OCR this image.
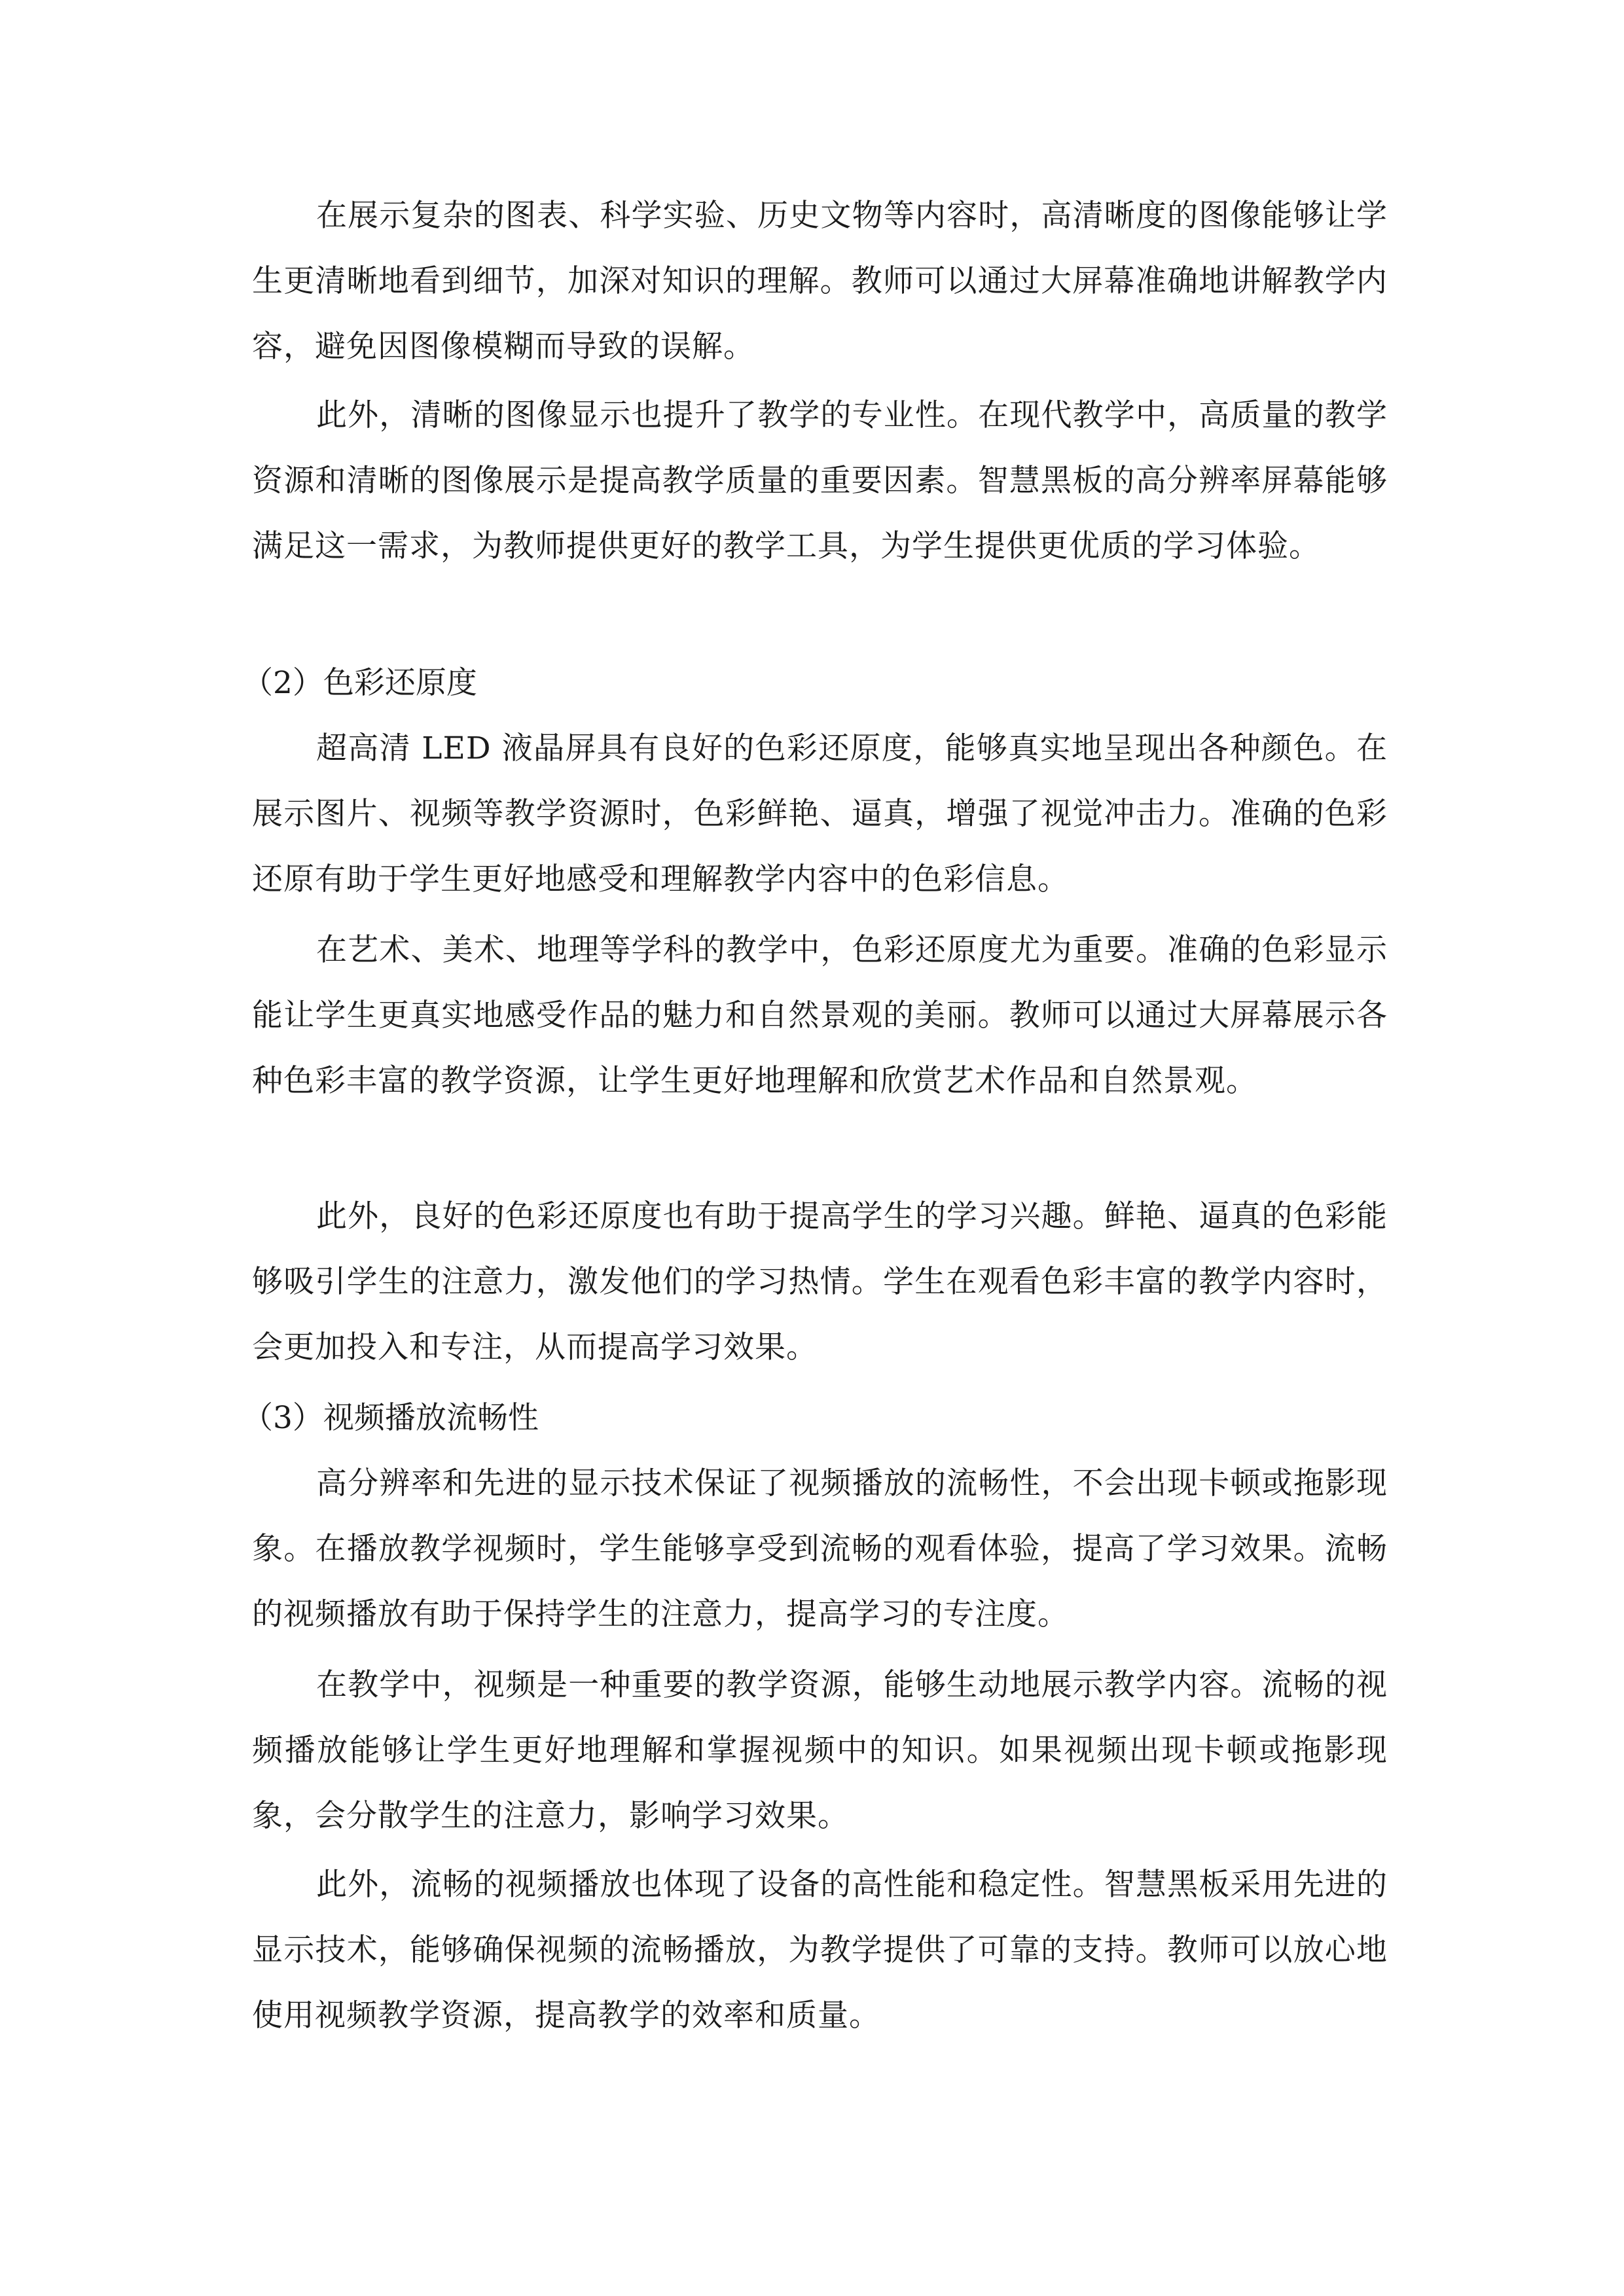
在展示复杂的图表、科学实验、历史文物等内容时，高清晰度的图像能够让学生更清晰地看到细节，加深对知识的理解。教师可以通过大屏幕准确地讲解教学内容，避免因图像模糊而导致的误解。

此外，清晰的图像显示也提升了教学的专业性。在现代教学中，高质量的教学资源和清晰的图像展示是提高教学质量的重要因素。智慧黑板的高分辨率屏幕能够满足这一需求，为教师提供更好的教学工具，为学生提供更优质的学习体验。

（2）色彩还原度

超高清 LED 液晶屏具有良好的色彩还原度，能够真实地呈现出各种颜色。在展示图片、视频等教学资源时，色彩鲜艳、逼真，增强了视觉冲击力。准确的色彩还原有助于学生更好地感受和理解教学内容中的色彩信息。

在艺术、美术、地理等学科的教学中，色彩还原度尤为重要。准确的色彩显示能让学生更真实地感受作品的魅力和自然景观的美丽。教师可以通过大屏幕展示各种色彩丰富的教学资源，让学生更好地理解和欣赏艺术作品和自然景观。

此外，良好的色彩还原度也有助于提高学生的学习兴趣。鲜艳、逼真的色彩能够吸引学生的注意力，激发他们的学习热情。学生在观看色彩丰富的教学内容时，会更加投入和专注，从而提高学习效果。

（3）视频播放流畅性

高分辨率和先进的显示技术保证了视频播放的流畅性，不会出现卡顿或拖影现象。在播放教学视频时，学生能够享受到流畅的观看体验，提高了学习效果。流畅的视频播放有助于保持学生的注意力，提高学习的专注度。

在教学中，视频是一种重要的教学资源，能够生动地展示教学内容。流畅的视频播放能够让学生更好地理解和掌握视频中的知识。如果视频出现卡顿或拖影现象，会分散学生的注意力，影响学习效果。

此外，流畅的视频播放也体现了设备的高性能和稳定性。智慧黑板采用先进的显示技术，能够确保视频的流畅播放，为教学提供了可靠的支持。教师可以放心地使用视频教学资源，提高教学的效率和质量。
